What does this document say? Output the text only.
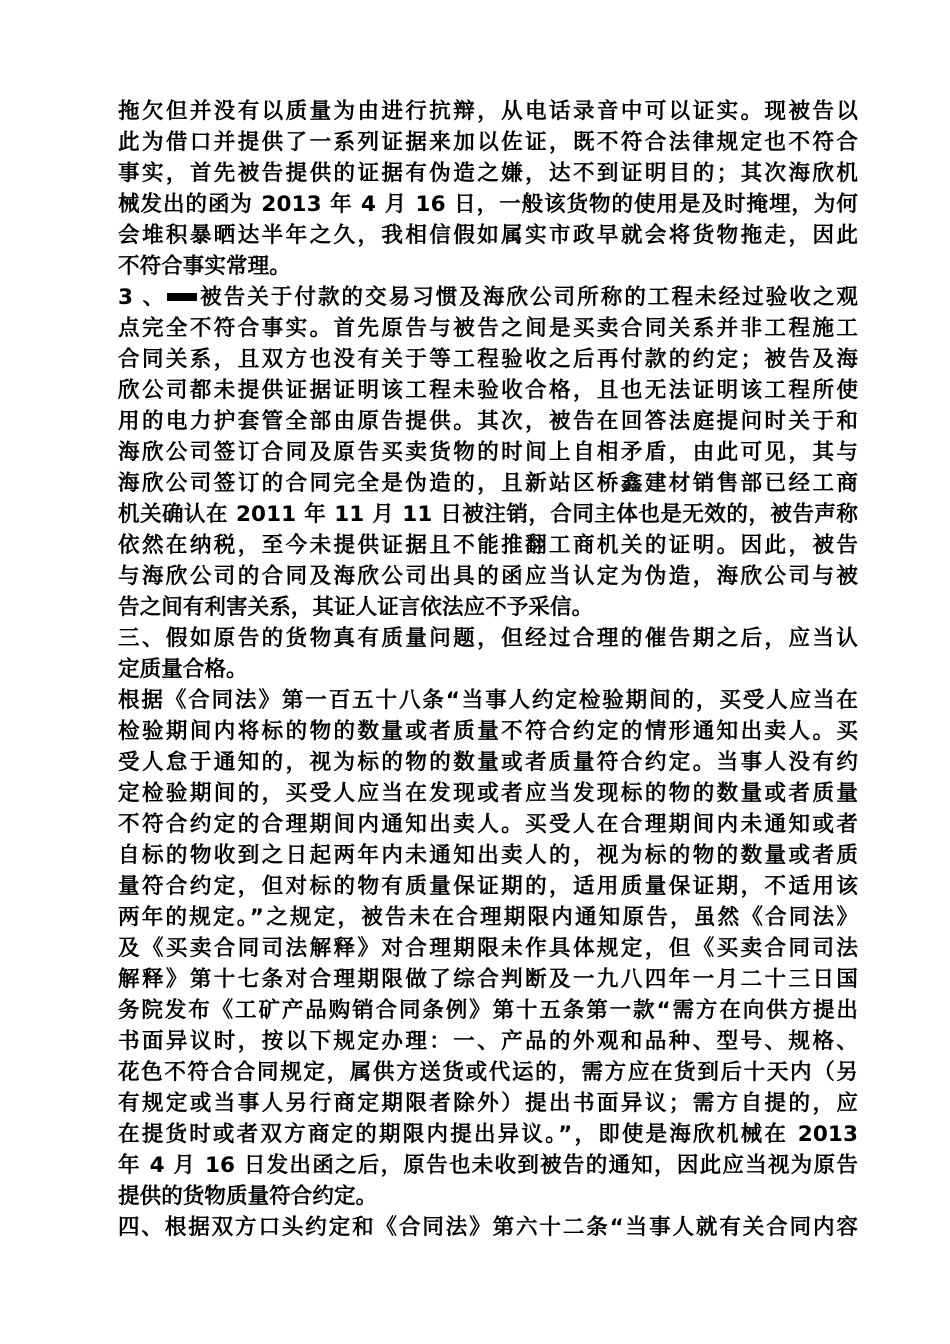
拖欠但并没有以质量为由进行抗辩，从电话录音中可以证实。现被告以
此为借口并提供了一系列证据来加以佐证，既不符合法律规定也不符合
事实，首先被告提供的证据有伪造之嫌，达不到证明目的；其次海欣机
械发出的函为 2013 年 4 月 16 日，一般该货物的使用是及时掩埋，为何
会堆积暴晒达半年之久，我相信假如属实市政早就会将货物拖走，因此
不符合事实常理。
3 、 被告关于付款的交易习惯及海欣公司所称的工程未经过验收之观
点完全不符合事实。首先原告与被告之间是买卖合同关系并非工程施工
合同关系，且双方也没有关于等工程验收之后再付款的约定；被告及海
欣公司都未提供证据证明该工程未验收合格，且也无法证明该工程所使
用的电力护套管全部由原告提供。其次，被告在回答法庭提问时关于和
海欣公司签订合同及原告买卖货物的时间上自相矛盾，由此可见，其与
海欣公司签订的合同完全是伪造的，且新站区桥鑫建材销售部已经工商
机关确认在 2011 年 11 月 11 日被注销，合同主体也是无效的，被告声称
依然在纳税，至今未提供证据且不能推翻工商机关的证明。因此，被告
与海欣公司的合同及海欣公司出具的函应当认定为伪造，海欣公司与被
告之间有利害关系，其证人证言依法应不予采信。
三、假如原告的货物真有质量问题，但经过合理的催告期之后，应当认
定质量合格。
根据《合同法》第一百五十八条“当事人约定检验期间的，买受人应当在
检验期间内将标的物的数量或者质量不符合约定的情形通知出卖人。买
受人怠于通知的，视为标的物的数量或者质量符合约定。当事人没有约
定检验期间的，买受人应当在发现或者应当发现标的物的数量或者质量
不符合约定的合理期间内通知出卖人。买受人在合理期间内未通知或者
自标的物收到之日起两年内未通知出卖人的，视为标的物的数量或者质
量符合约定，但对标的物有质量保证期的，适用质量保证期，不适用该
两年的规定。”之规定，被告未在合理期限内通知原告，虽然《合同法》
及《买卖合同司法解释》对合理期限未作具体规定，但《买卖合同司法
解释》第十七条对合理期限做了综合判断及一九八四年一月二十三日国
务院发布《工矿产品购销合同条例》第十五条第一款“需方在向供方提出
书面异议时，按以下规定办理：一、产品的外观和品种、型号、规格、
花色不符合合同规定，属供方送货或代运的，需方应在货到后十天内（另
有规定或当事人另行商定期限者除外）提出书面异议；需方自提的，应
在提货时或者双方商定的期限内提出异议。”，即使是海欣机械在 2013
年 4 月 16 日发出函之后，原告也未收到被告的通知，因此应当视为原告
提供的货物质量符合约定。
四、根据双方口头约定和《合同法》第六十二条“当事人就有关合同内容
